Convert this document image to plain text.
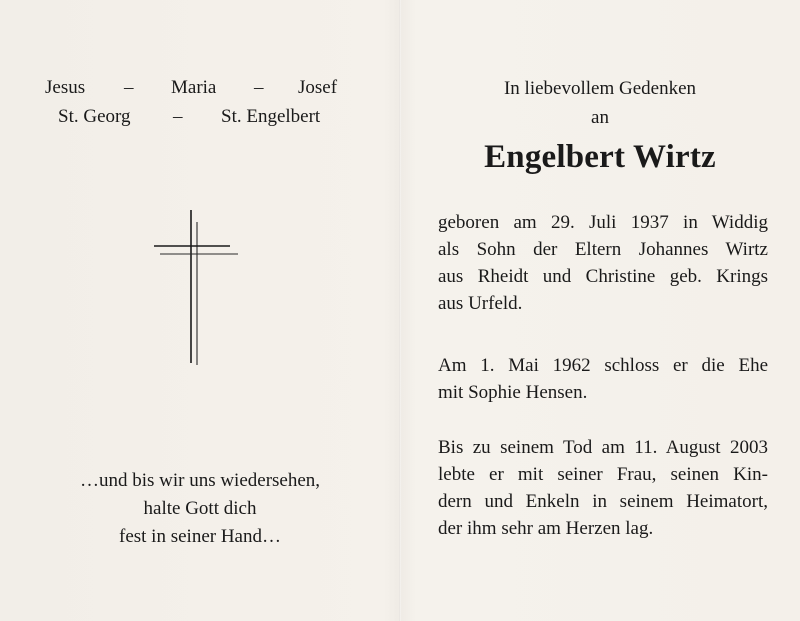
Jesus – Maria – Josef
St. Georg – St. Engelbert
…und bis wir uns wiedersehen,
halte Gott dich
fest in seiner Hand…
In liebevollem Gedenken
an
Engelbert Wirtz
geboren am 29. Juli 1937 in Widdig
als Sohn der Eltern Johannes Wirtz
aus Rheidt und Christine geb. Krings
aus Urfeld.
Am 1. Mai 1962 schloss er die Ehe
mit Sophie Hensen.
Bis zu seinem Tod am 11. August 2003
lebte er mit seiner Frau, seinen Kin-
dern und Enkeln in seinem Heimatort,
der ihm sehr am Herzen lag.
